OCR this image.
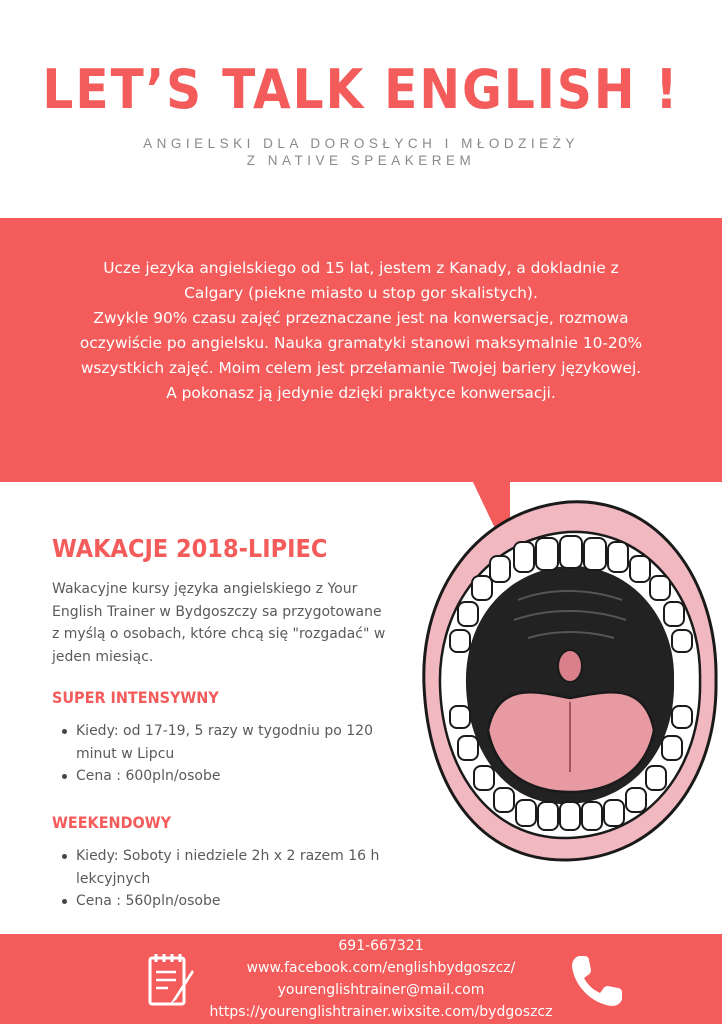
LET’S TALK ENGLISH !
ANGIELSKI DLA DOROSŁYCH I MŁODZIEŻY
Z NATIVE SPEAKEREM
Ucze jezyka angielskiego od 15 lat, jestem z Kanady, a dokladnie z
Calgary (piekne miasto u stop gor skalistych).
Zwykle 90% czasu zajęć przeznaczane jest na konwersacje, rozmowa
oczywiście po angielsku. Nauka gramatyki stanowi maksymalnie 10-20%
wszystkich zajęć. Moim celem jest przełamanie Twojej bariery językowej.
A pokonasz ją jedynie dzięki praktyce konwersacji.
WAKACJE 2018-LIPIEC
Wakacyjne kursy języka angielskiego z Your
English Trainer w Bydgoszczy sa przygotowane
z myślą o osobach, które chcą się "rozgadać" w
jeden miesiąc.
SUPER INTENSYWNY
Kiedy: od 17-19, 5 razy w tygodniu po 120
minut w Lipcu
Cena : 600pln/osobe
WEEKENDOWY
Kiedy: Soboty i niedziele 2h x 2 razem 16 h
lekcyjnych
Cena : 560pln/osobe
691-667321
www.facebook.com/englishbydgoszcz/
yourenglishtrainer@mail.com
https://yourenglishtrainer.wixsite.com/bydgoszcz
